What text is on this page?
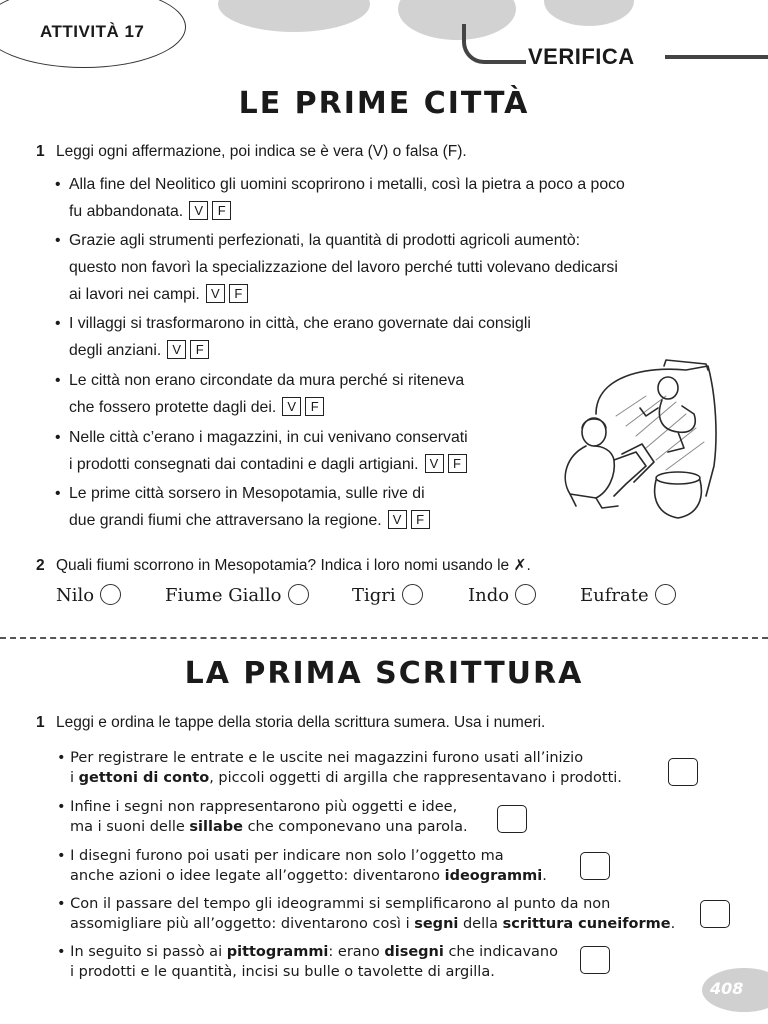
ATTIVITÀ 17
VERIFICA
LE PRIME CITTÀ
1 Leggi ogni affermazione, poi indica se è vera (V) o falsa (F).
• Alla fine del Neolitico gli uomini scoprirono i metalli, così la pietra a poco a poco
fu abbandonata. V F
• Grazie agli strumenti perfezionati, la quantità di prodotti agricoli aumentò:
questo non favorì la specializzazione del lavoro perché tutti volevano dedicarsi
ai lavori nei campi. V F
• I villaggi si trasformarono in città, che erano governate dai consigli
degli anziani. V F
• Le città non erano circondate da mura perché si riteneva
che fossero protette dagli dei. V F
• Nelle città c’erano i magazzini, in cui venivano conservati
i prodotti consegnati dai contadini e dagli artigiani. V F
• Le prime città sorsero in Mesopotamia, sulle rive di
due grandi fiumi che attraversano la regione. V F
2 Quali fiumi scorrono in Mesopotamia? Indica i loro nomi usando le ✗.
Nilo	Fiume Giallo	Tigri	Indo	Eufrate
LA PRIMA SCRITTURA
1 Leggi e ordina le tappe della storia della scrittura sumera. Usa i numeri.
• Per registrare le entrate e le uscite nei magazzini furono usati all’inizio
i gettoni di conto, piccoli oggetti di argilla che rappresentavano i prodotti.
• Infine i segni non rappresentarono più oggetti e idee,
ma i suoni delle sillabe che componevano una parola.
• I disegni furono poi usati per indicare non solo l’oggetto ma
anche azioni o idee legate all’oggetto: diventarono ideogrammi.
• Con il passare del tempo gli ideogrammi si semplificarono al punto da non
assomigliare più all’oggetto: diventarono così i segni della scrittura cuneiforme.
• In seguito si passò ai pittogrammi: erano disegni che indicavano
i prodotti e le quantità, incisi su bulle o tavolette di argilla.
408
